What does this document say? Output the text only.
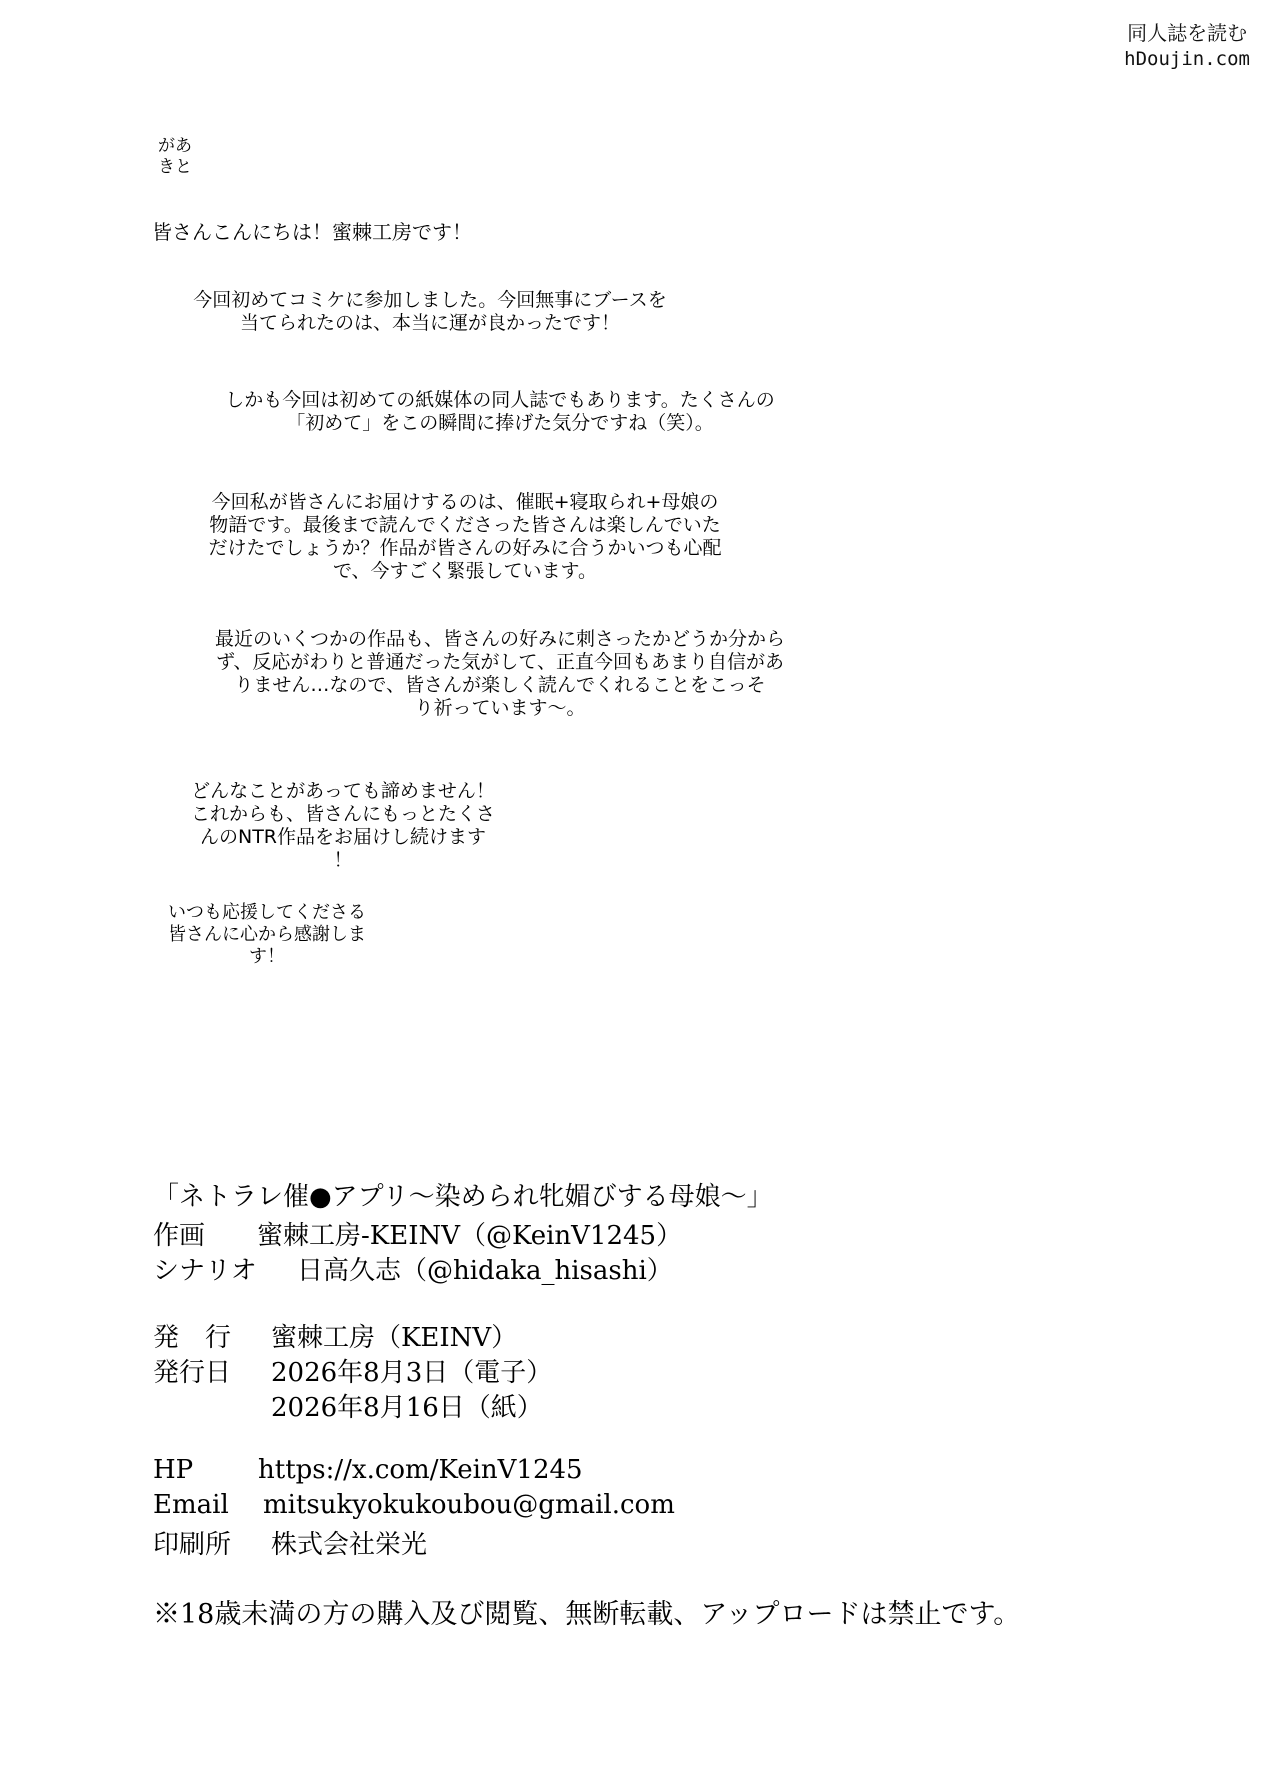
同人誌を読む
hDoujin.com
があ
きと
皆さんこんにちは！蜜棘工房です！
今回初めてコミケに参加しました。今回無事にブースを
当てられたのは、本当に運が良かったです！
しかも今回は初めての紙媒体の同人誌でもあります。たくさんの
「初めて」をこの瞬間に捧げた気分ですね（笑）。
今回私が皆さんにお届けするのは、催眠+寝取られ+母娘の
物語です。最後まで読んでくださった皆さんは楽しんでいた
だけたでしょうか？作品が皆さんの好みに合うかいつも心配
で、今すごく緊張しています。
最近のいくつかの作品も、皆さんの好みに刺さったかどうか分から
ず、反応がわりと普通だった気がして、正直今回もあまり自信があ
りません…なので、皆さんが楽しく読んでくれることをこっそ
り祈っています〜。
どんなことがあっても諦めません！
これからも、皆さんにもっとたくさ
んのNTR作品をお届けし続けます
！
いつも応援してくださる
皆さんに心から感謝しま
す！
「ネトラレ催●アプリ〜染められ牝媚びする母娘〜」
作画 蜜棘工房-KEINV（@KeinV1245）
シナリオ 日高久志（@hidaka_hisashi）
発　行 蜜棘工房（KEINV）
発行日 2026年8月3日（電子）
2026年8月16日（紙）
HP https://x.com/KeinV1245
Email mitsukyokukoubou@gmail.com
印刷所 株式会社栄光
※18歳未満の方の購入及び閲覧、無断転載、アップロードは禁止です。
